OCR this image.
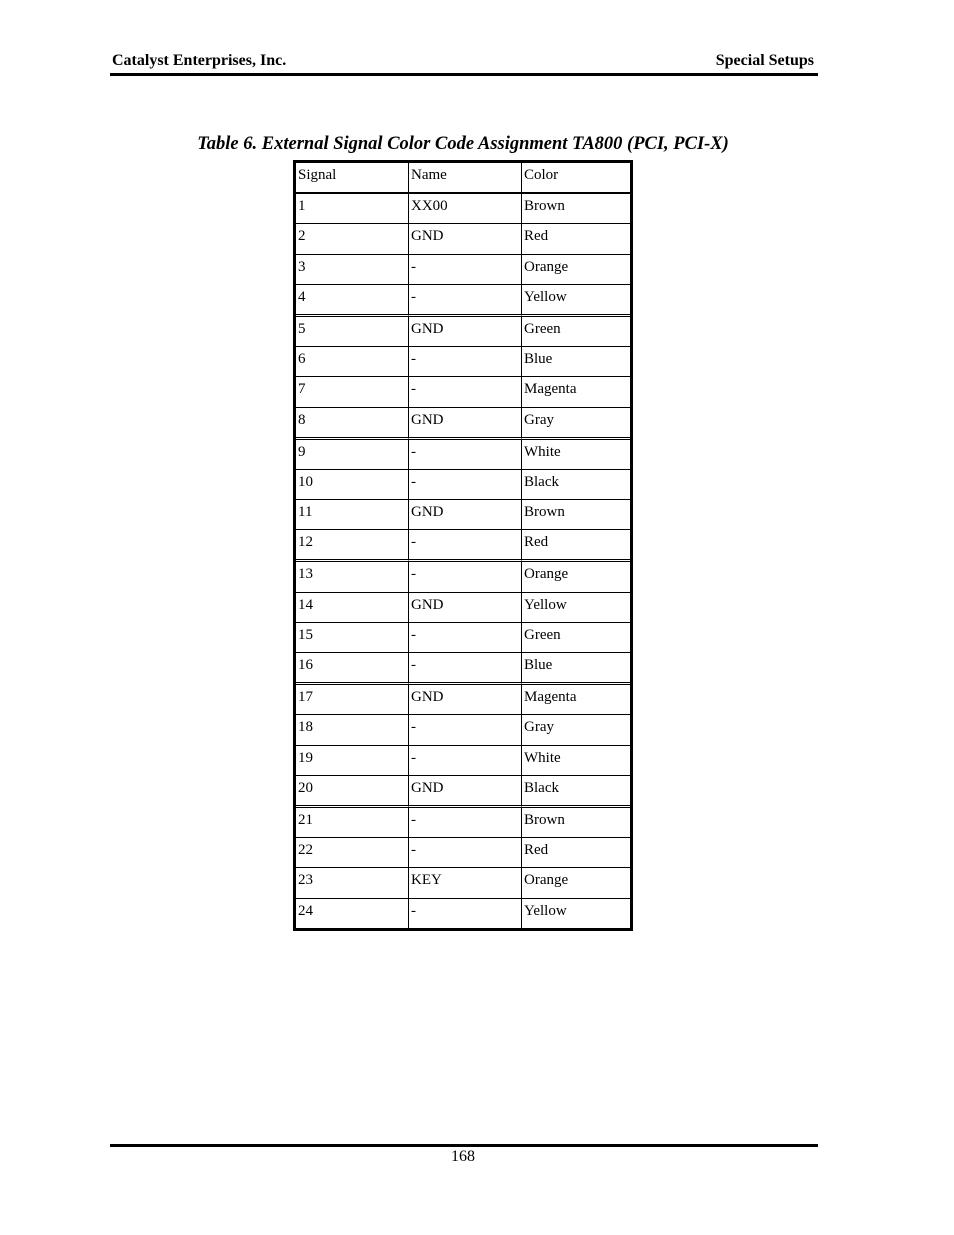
Catalyst Enterprises, Inc.	Special Setups
Table 6. External Signal Color Code Assignment TA800 (PCI, PCI-X)
Signal	Name	Color
1	XX00	Brown
2	GND	Red
3	-	Orange
4	-	Yellow
5	GND	Green
6	-	Blue
7	-	Magenta
8	GND	Gray
9	-	White
10	-	Black
11	GND	Brown
12	-	Red
13	-	Orange
14	GND	Yellow
15	-	Green
16	-	Blue
17	GND	Magenta
18	-	Gray
19	-	White
20	GND	Black
21	-	Brown
22	-	Red
23	KEY	Orange
24	-	Yellow
168
